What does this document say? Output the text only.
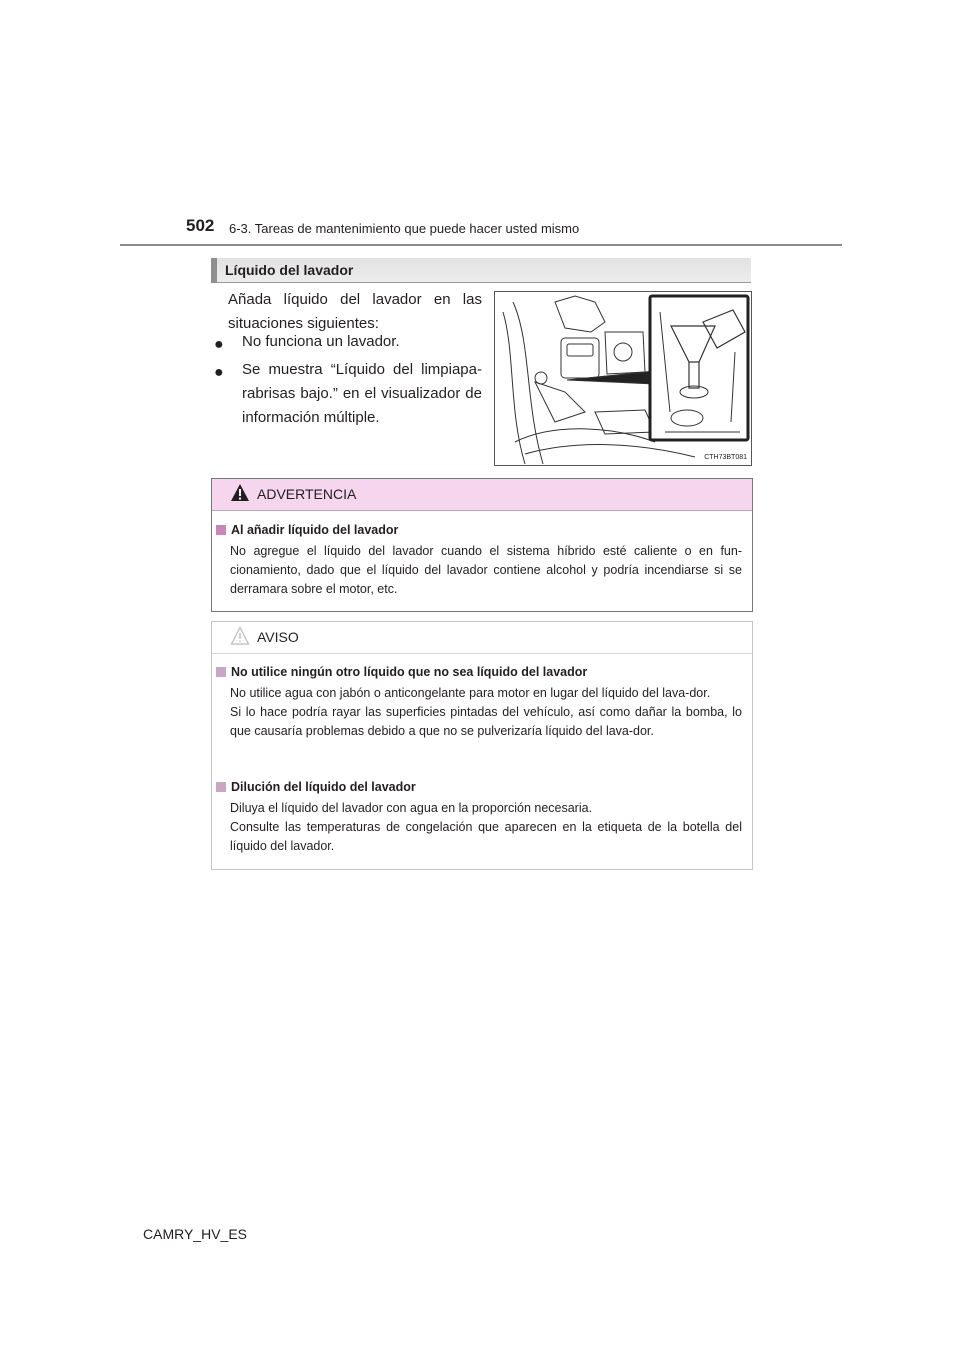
502 6-3. Tareas de mantenimiento que puede hacer usted mismo
Líquido del lavador
Añada líquido del lavador en las situaciones siguientes:
● No funciona un lavador.
● Se muestra “Líquido del limpiapa-rabrisas bajo.” en el visualizador de información múltiple.
CTH73BT081
ADVERTENCIA
Al añadir líquido del lavador
No agregue el líquido del lavador cuando el sistema híbrido esté caliente o en fun-cionamiento, dado que el líquido del lavador contiene alcohol y podría incendiarse si se derramara sobre el motor, etc.
AVISO
No utilice ningún otro líquido que no sea líquido del lavador
No utilice agua con jabón o anticongelante para motor en lugar del líquido del lava-dor.
Si lo hace podría rayar las superficies pintadas del vehículo, así como dañar la bomba, lo que causaría problemas debido a que no se pulverizaría líquido del lava-dor.
Dilución del líquido del lavador
Diluya el líquido del lavador con agua en la proporción necesaria.
Consulte las temperaturas de congelación que aparecen en la etiqueta de la botella del líquido del lavador.
CAMRY_HV_ES
